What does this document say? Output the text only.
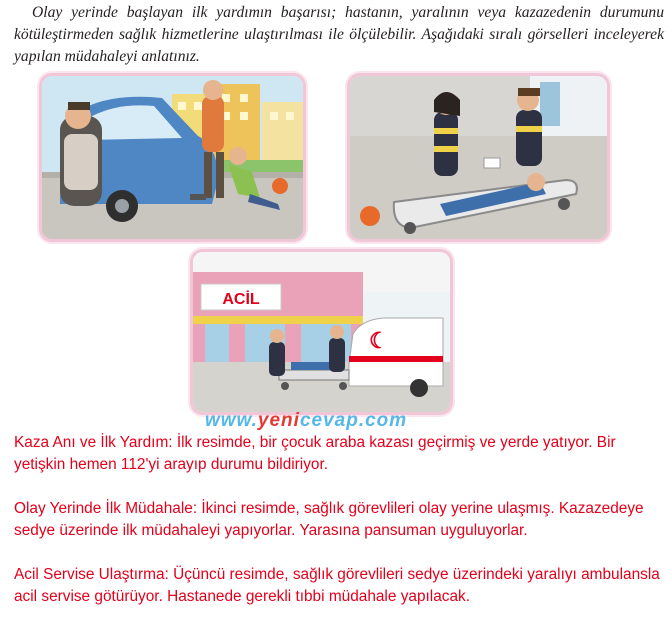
Olay yerinde başlayan ilk yardımın başarısı; hastanın, yaralının veya kazazedenin durumunu kötüleştirmeden sağlık hizmetlerine ulaştırılması ile ölçülebilir. Aşağıdaki sıralı görselleri inceleyerek yapılan müdahaleyi anlatınız.

ACİL
☾
www.yenicevap.com

Kaza Anı ve İlk Yardım: İlk resimde, bir çocuk araba kazası geçirmiş ve yerde yatıyor. Bir yetişkin hemen 112'yi arayıp durumu bildiriyor.

Olay Yerinde İlk Müdahale: İkinci resimde, sağlık görevlileri olay yerine ulaşmış. Kazazedeye sedye üzerinde ilk müdahaleyi yapıyorlar. Yarasına pansuman uyguluyorlar.

Acil Servise Ulaştırma: Üçüncü resimde, sağlık görevlileri sedye üzerindeki yaralıyı ambulansla acil servise götürüyor. Hastanede gerekli tıbbi müdahale yapılacak.
